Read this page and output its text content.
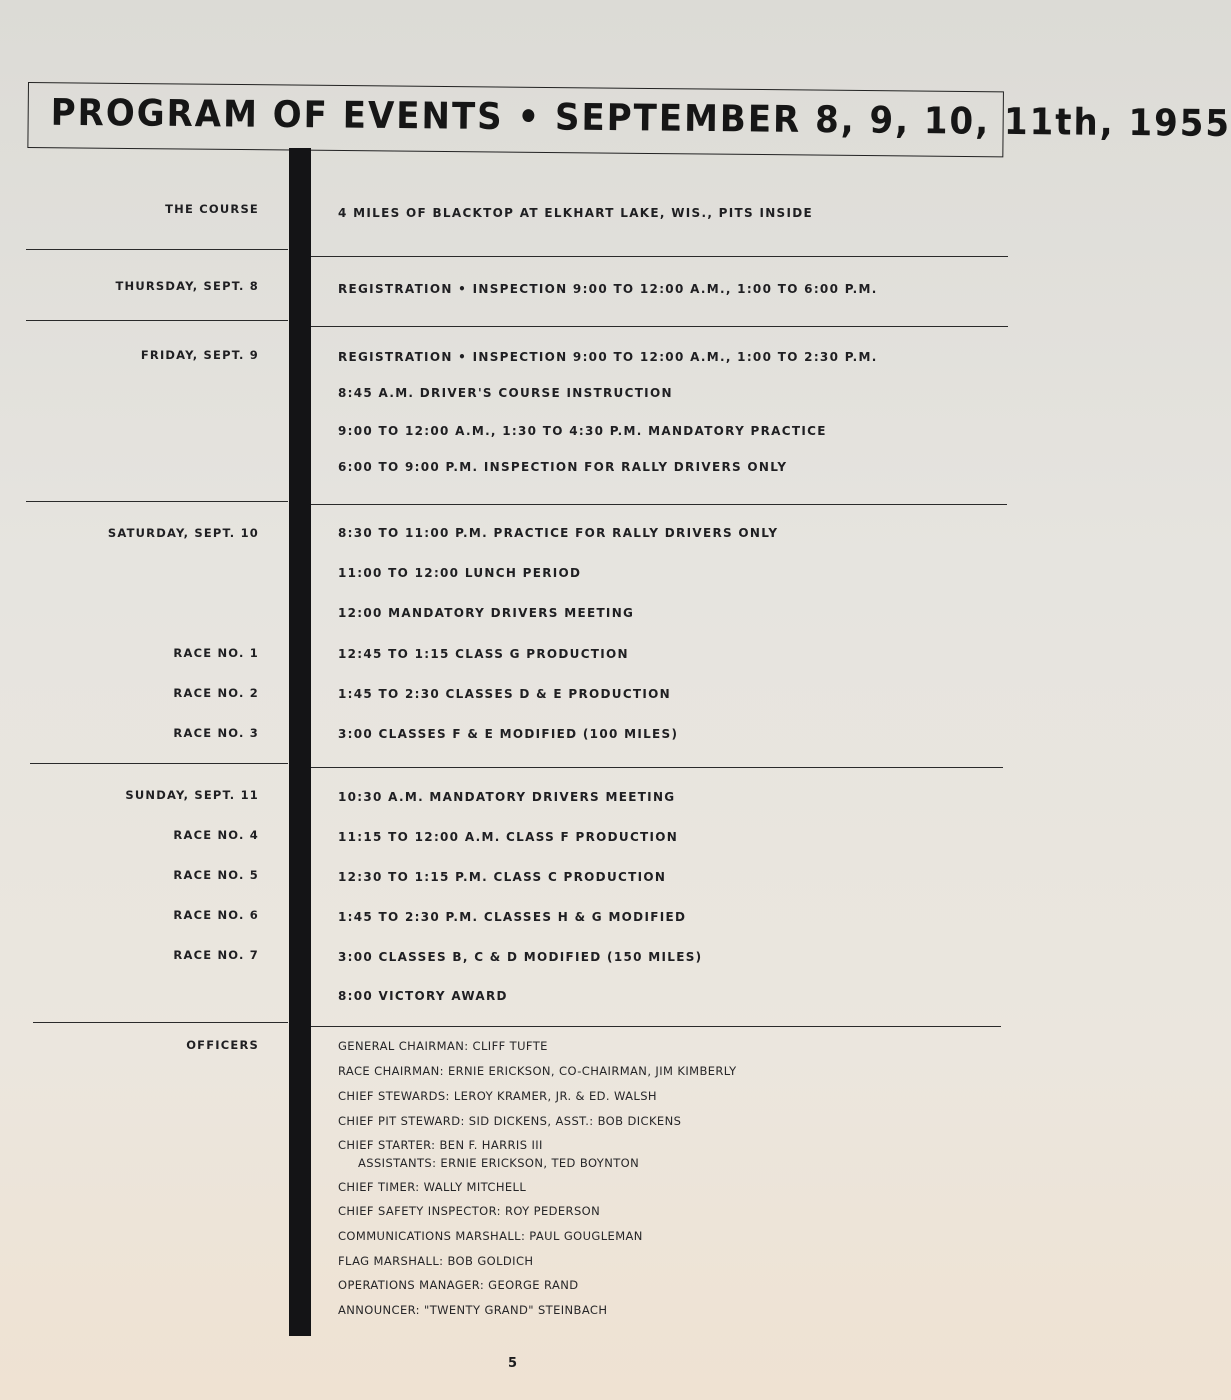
PROGRAM OF EVENTS • SEPTEMBER 8, 9, 10, 11th, 1955
THE COURSE	4 MILES OF BLACKTOP AT ELKHART LAKE, WIS., PITS INSIDE
THURSDAY, SEPT. 8	REGISTRATION • INSPECTION 9:00 TO 12:00 A.M., 1:00 TO 6:00 P.M.
FRIDAY, SEPT. 9	REGISTRATION • INSPECTION 9:00 TO 12:00 A.M., 1:00 TO 2:30 P.M.
8:45 A.M. DRIVER'S COURSE INSTRUCTION
9:00 TO 12:00 A.M., 1:30 TO 4:30 P.M. MANDATORY PRACTICE
6:00 TO 9:00 P.M. INSPECTION FOR RALLY DRIVERS ONLY
SATURDAY, SEPT. 10	8:30 TO 11:00 P.M. PRACTICE FOR RALLY DRIVERS ONLY
11:00 TO 12:00 LUNCH PERIOD
12:00 MANDATORY DRIVERS MEETING
RACE NO. 1	12:45 TO 1:15 CLASS G PRODUCTION
RACE NO. 2	1:45 TO 2:30 CLASSES D & E PRODUCTION
RACE NO. 3	3:00 CLASSES F & E MODIFIED (100 MILES)
SUNDAY, SEPT. 11	10:30 A.M. MANDATORY DRIVERS MEETING
RACE NO. 4	11:15 TO 12:00 A.M. CLASS F PRODUCTION
RACE NO. 5	12:30 TO 1:15 P.M. CLASS C PRODUCTION
RACE NO. 6	1:45 TO 2:30 P.M. CLASSES H & G MODIFIED
RACE NO. 7	3:00 CLASSES B, C & D MODIFIED (150 MILES)
8:00 VICTORY AWARD
OFFICERS	GENERAL CHAIRMAN: CLIFF TUFTE
RACE CHAIRMAN: ERNIE ERICKSON, CO-CHAIRMAN, JIM KIMBERLY
CHIEF STEWARDS: LEROY KRAMER, JR. & ED. WALSH
CHIEF PIT STEWARD: SID DICKENS, ASST.: BOB DICKENS
CHIEF STARTER: BEN F. HARRIS III
ASSISTANTS: ERNIE ERICKSON, TED BOYNTON
CHIEF TIMER: WALLY MITCHELL
CHIEF SAFETY INSPECTOR: ROY PEDERSON
COMMUNICATIONS MARSHALL: PAUL GOUGLEMAN
FLAG MARSHALL: BOB GOLDICH
OPERATIONS MANAGER: GEORGE RAND
ANNOUNCER: "TWENTY GRAND" STEINBACH
5
